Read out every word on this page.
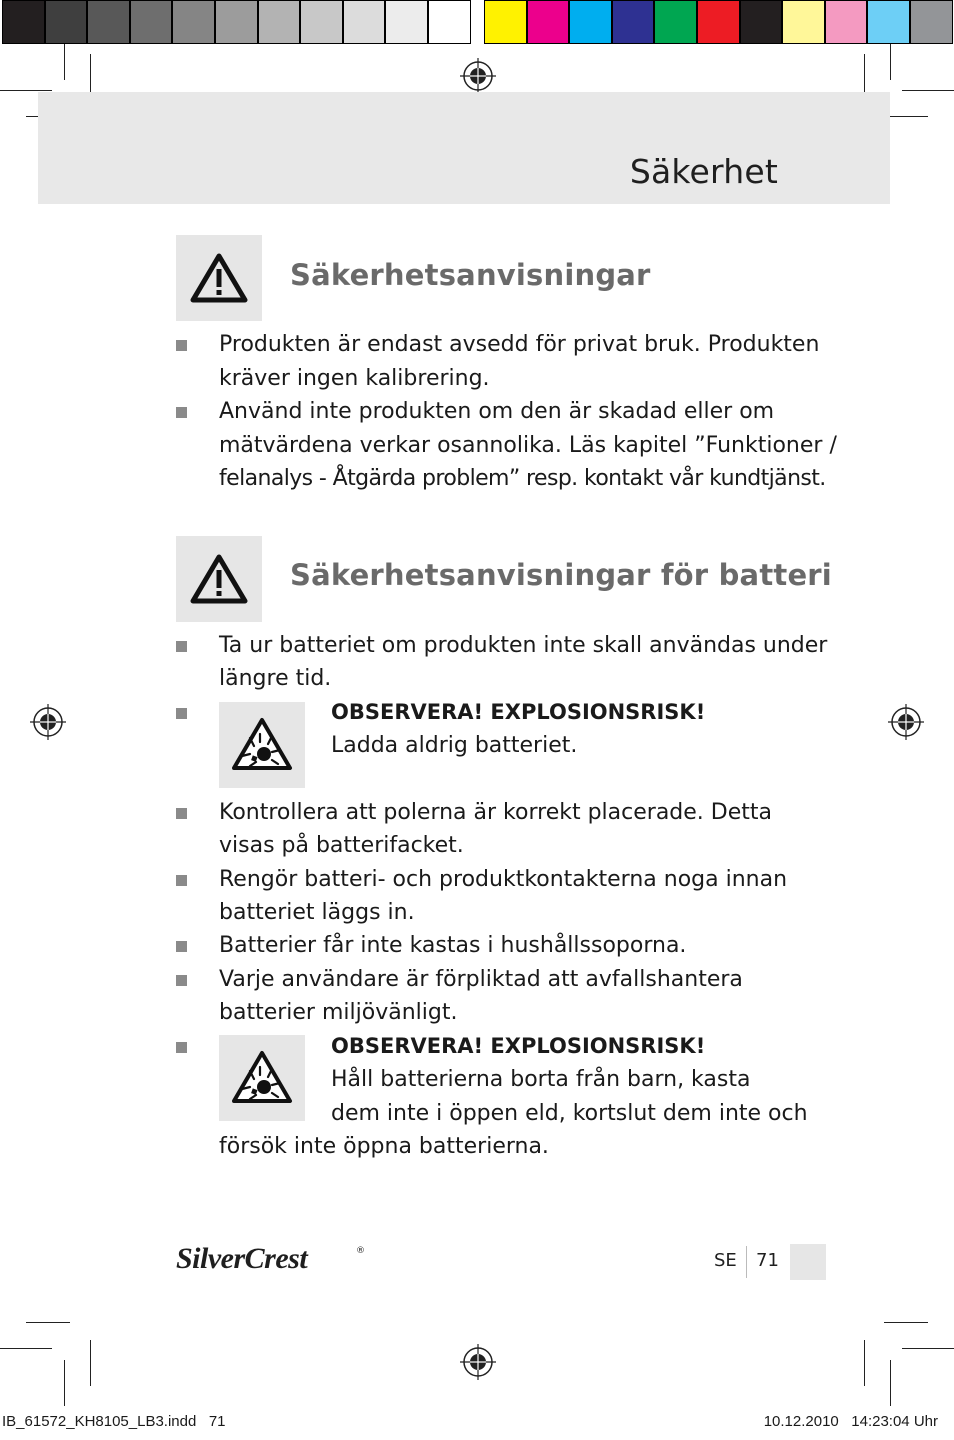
Säkerhet
Säkerhetsanvisningar
Produkten är endast avsedd för privat bruk. Produkten
kräver ingen kalibrering.
Använd inte produkten om den är skadad eller om
mätvärdena verkar osannolika. Läs kapitel ”Funktioner /
felanalys - Åtgärda problem” resp. kontakt vår kundtjänst.
Säkerhetsanvisningar för batteri
Ta ur batteriet om produkten inte skall användas under
längre tid.
OBSERVERA! EXPLOSIONSRISK!
Ladda aldrig batteriet.
Kontrollera att polerna är korrekt placerade. Detta
visas på batterifacket.
Rengör batteri- och produktkontakterna noga innan
batteriet läggs in.
Batterier får inte kastas i hushållssoporna.
Varje användare är förpliktad att avfallshantera
batterier miljövänligt.
OBSERVERA! EXPLOSIONSRISK!
Håll batterierna borta från barn, kasta
dem inte i öppen eld, kortslut dem inte och
försök inte öppna batterierna.
SilverCrest	®	SE 71
IB_61572_KH8105_LB3.indd   71	10.12.2010   14:23:04 Uhr
